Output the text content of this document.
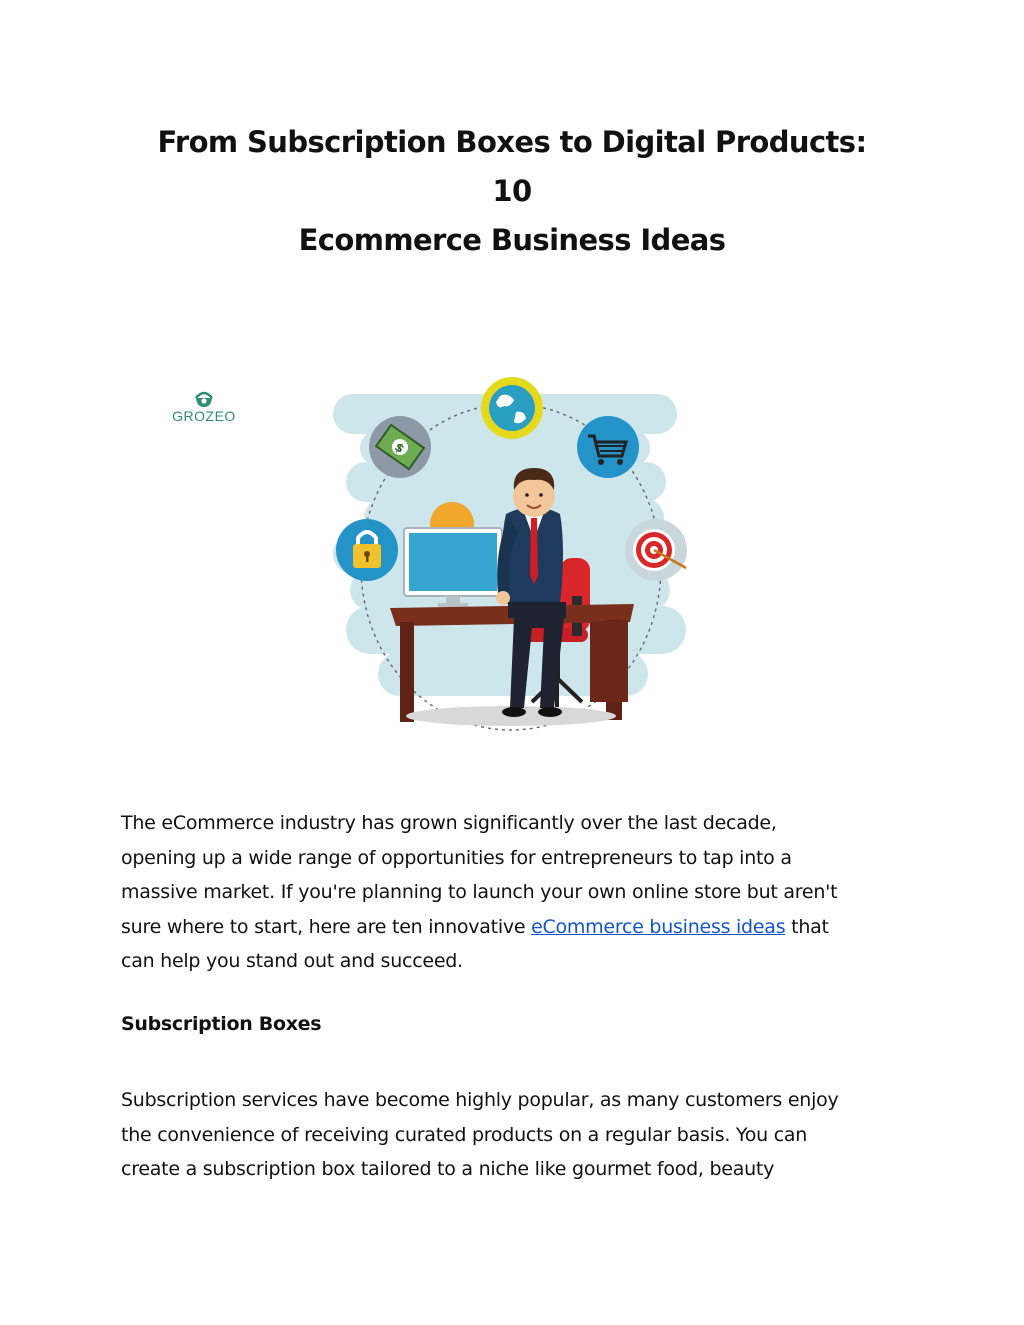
From Subscription Boxes to Digital Products: 10
Ecommerce Business Ideas
GROZEO
$

The eCommerce industry has grown significantly over the last decade,
opening up a wide range of opportunities for entrepreneurs to tap into a
massive market. If you're planning to launch your own online store but aren't
sure where to start, here are ten innovative eCommerce business ideas that
can help you stand out and succeed.

Subscription Boxes

Subscription services have become highly popular, as many customers enjoy
the convenience of receiving curated products on a regular basis. You can
create a subscription box tailored to a niche like gourmet food, beauty
